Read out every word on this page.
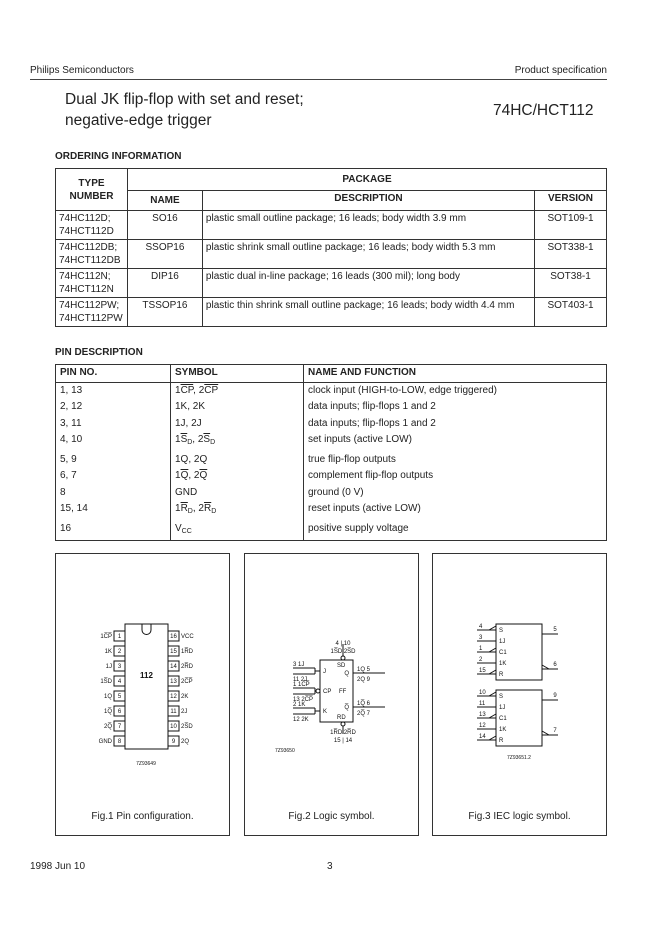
Philips Semiconductors	Product specification
Dual JK flip-flop with set and reset;
negative-edge trigger
74HC/HCT112
ORDERING INFORMATION
TYPE NUMBER	PACKAGE		
	NAME	DESCRIPTION	VERSION

74HC112D;
74HCT112D	SO16	plastic small outline package; 16 leads; body width 3.9 mm	SOT109-1

74HC112DB;
74HCT112DB	SSOP16	plastic shrink small outline package; 16 leads; body width 5.3 mm	SOT338-1

74HC112N;
74HCT112N	DIP16	plastic dual in-line package; 16 leads (300 mil); long body	SOT38-1

74HC112PW;
74HCT112PW	TSSOP16	plastic thin shrink small outline package; 16 leads; body width 4.4 mm	SOT403-1
PIN DESCRIPTION
PIN NO.	SYMBOL	NAME AND FUNCTION
1, 13	$1\overline{CP}$, $2\overline{CP}$	clock input (HIGH-to-LOW, edge triggered)
2, 12	1K, 2K	data inputs; flip-flops 1 and 2
3, 11	1J, 2J	data inputs; flip-flops 1 and 2
4, 10	$1\overline{S}_D$, $2\overline{S}_D$	set inputs (active LOW)
5, 9	1Q, 2Q	true flip-flop outputs
6, 7	$1\overline{Q}$, $2\overline{Q}$	complement flip-flop outputs
8	GND	ground (0 V)
15, 14	$1\overline{R}_D$, $2\overline{R}_D$	reset inputs (active LOW)
16	$V_{CC}$	positive supply voltage
1
1C̅P̅	16 VCC
2
1K	15 1R̅D
3
1J	14 2R̅D
4
1S̅D	13 2C̅P̅
5
1Q	12 2K
6
1Q̅	11 2J
7
2Q̅	10 2S̅D
8
GND	9 2Q
112
7Z93649
Fig.1 Pin configuration.
4 | 10
1S̅D 2S̅D
SD
RD
1R̅D 2R̅D
15 | 14
3 1J
11 2J
J
1 1C̅P̅
13 2C̅P̅
CP
2 1K
12 2K
K
FF
1Q 5
2Q 9
Q
1Q̅ 6
2Q̅ 7
Q̅
7Z93650
Fig.2 Logic symbol.
4
S
3
1J
1
C1
2
1K
15
R
5
6
10
S
11
1J
13
C1
12
1K
14
R
9
7
7Z93651.2
Fig.3 IEC logic symbol.
1998 Jun 10	3
